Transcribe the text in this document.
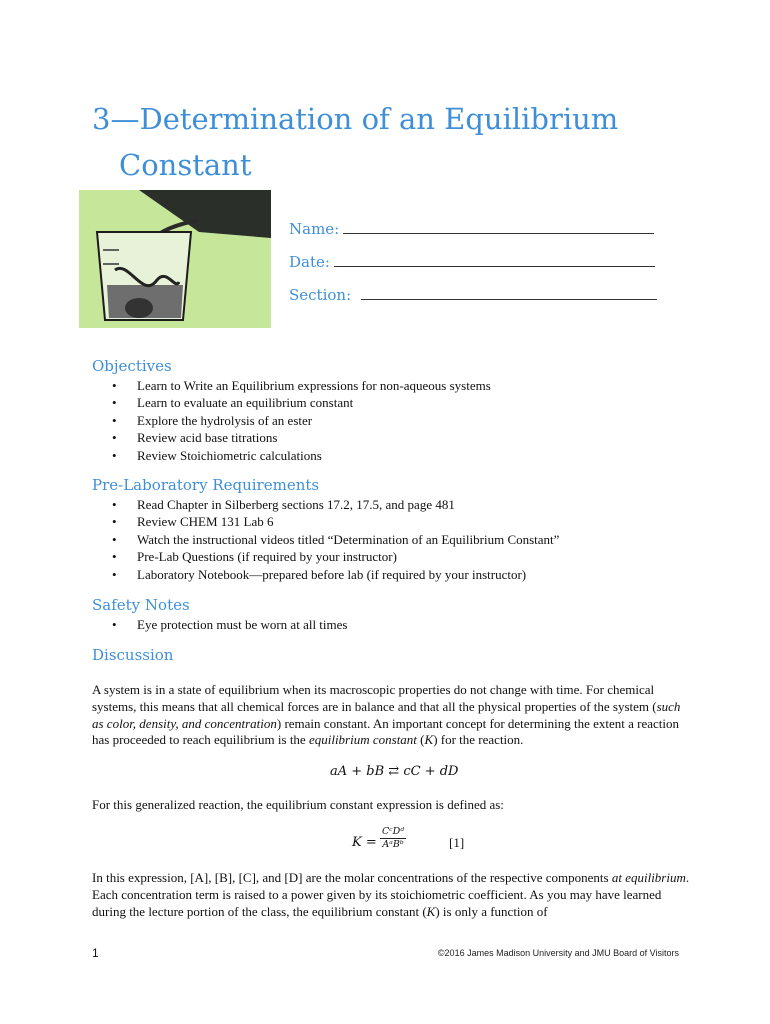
3—Determination of an Equilibrium
Constant
Name:
Date:
Section:
Objectives
• Learn to Write an Equilibrium expressions for non-aqueous systems
• Learn to evaluate an equilibrium constant
• Explore the hydrolysis of an ester
• Review acid base titrations
• Review Stoichiometric calculations
Pre-Laboratory Requirements
• Read Chapter in Silberberg sections 17.2, 17.5, and page 481
• Review CHEM 131 Lab 6
• Watch the instructional videos titled “Determination of an Equilibrium Constant”
• Pre-Lab Questions (if required by your instructor)
• Laboratory Notebook—prepared before lab (if required by your instructor)
Safety Notes
• Eye protection must be worn at all times
Discussion

A system is in a state of equilibrium when its macroscopic properties do not change with time. For chemical systems, this means that all chemical forces are in balance and that all the physical properties of the system (such as color, density, and concentration) remain constant. An important concept for determining the extent a reaction has proceeded to reach equilibrium is the equilibrium constant (K) for the reaction.

aA + bB ⇄ cC + dD

For this generalized reaction, the equilibrium constant expression is defined as:

K =
CᶜDᵈ
AᵃBᵇ	[1]

In this expression, [A], [B], [C], and [D] are the molar concentrations of the respective components at equilibrium. Each concentration term is raised to a power given by its stoichiometric coefficient. As you may have learned during the lecture portion of the class, the equilibrium constant (K) is only a function of

1	©2016 James Madison University and JMU Board of Visitors
